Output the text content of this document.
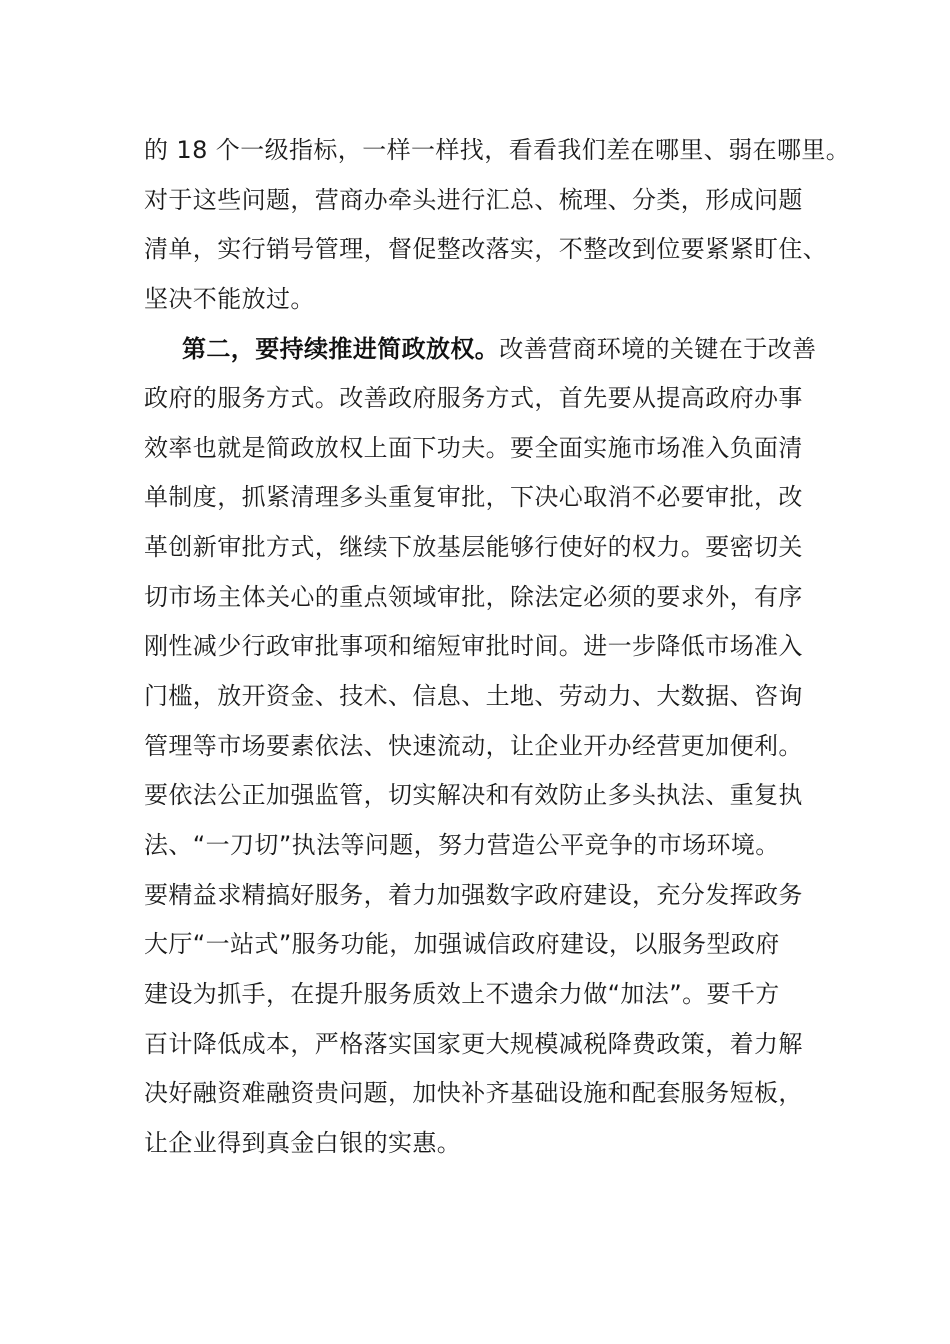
的 18 个一级指标，一样一样找，看看我们差在哪里、弱在哪里。
对于这些问题，营商办牵头进行汇总、梳理、分类，形成问题
清单，实行销号管理，督促整改落实，不整改到位要紧紧盯住、
坚决不能放过。
第二，要持续推进简政放权。改善营商环境的关键在于改善
政府的服务方式。改善政府服务方式，首先要从提高政府办事
效率也就是简政放权上面下功夫。要全面实施市场准入负面清
单制度，抓紧清理多头重复审批，下决心取消不必要审批，改
革创新审批方式，继续下放基层能够行使好的权力。要密切关
切市场主体关心的重点领域审批，除法定必须的要求外，有序
刚性减少行政审批事项和缩短审批时间。进一步降低市场准入
门槛，放开资金、技术、信息、土地、劳动力、大数据、咨询
管理等市场要素依法、快速流动，让企业开办经营更加便利。
要依法公正加强监管，切实解决和有效防止多头执法、重复执
法、“一刀切”执法等问题，努力营造公平竞争的市场环境。
要精益求精搞好服务，着力加强数字政府建设，充分发挥政务
大厅“一站式”服务功能，加强诚信政府建设，以服务型政府
建设为抓手，在提升服务质效上不遗余力做“加法”。要千方
百计降低成本，严格落实国家更大规模减税降费政策，着力解
决好融资难融资贵问题，加快补齐基础设施和配套服务短板，
让企业得到真金白银的实惠。
